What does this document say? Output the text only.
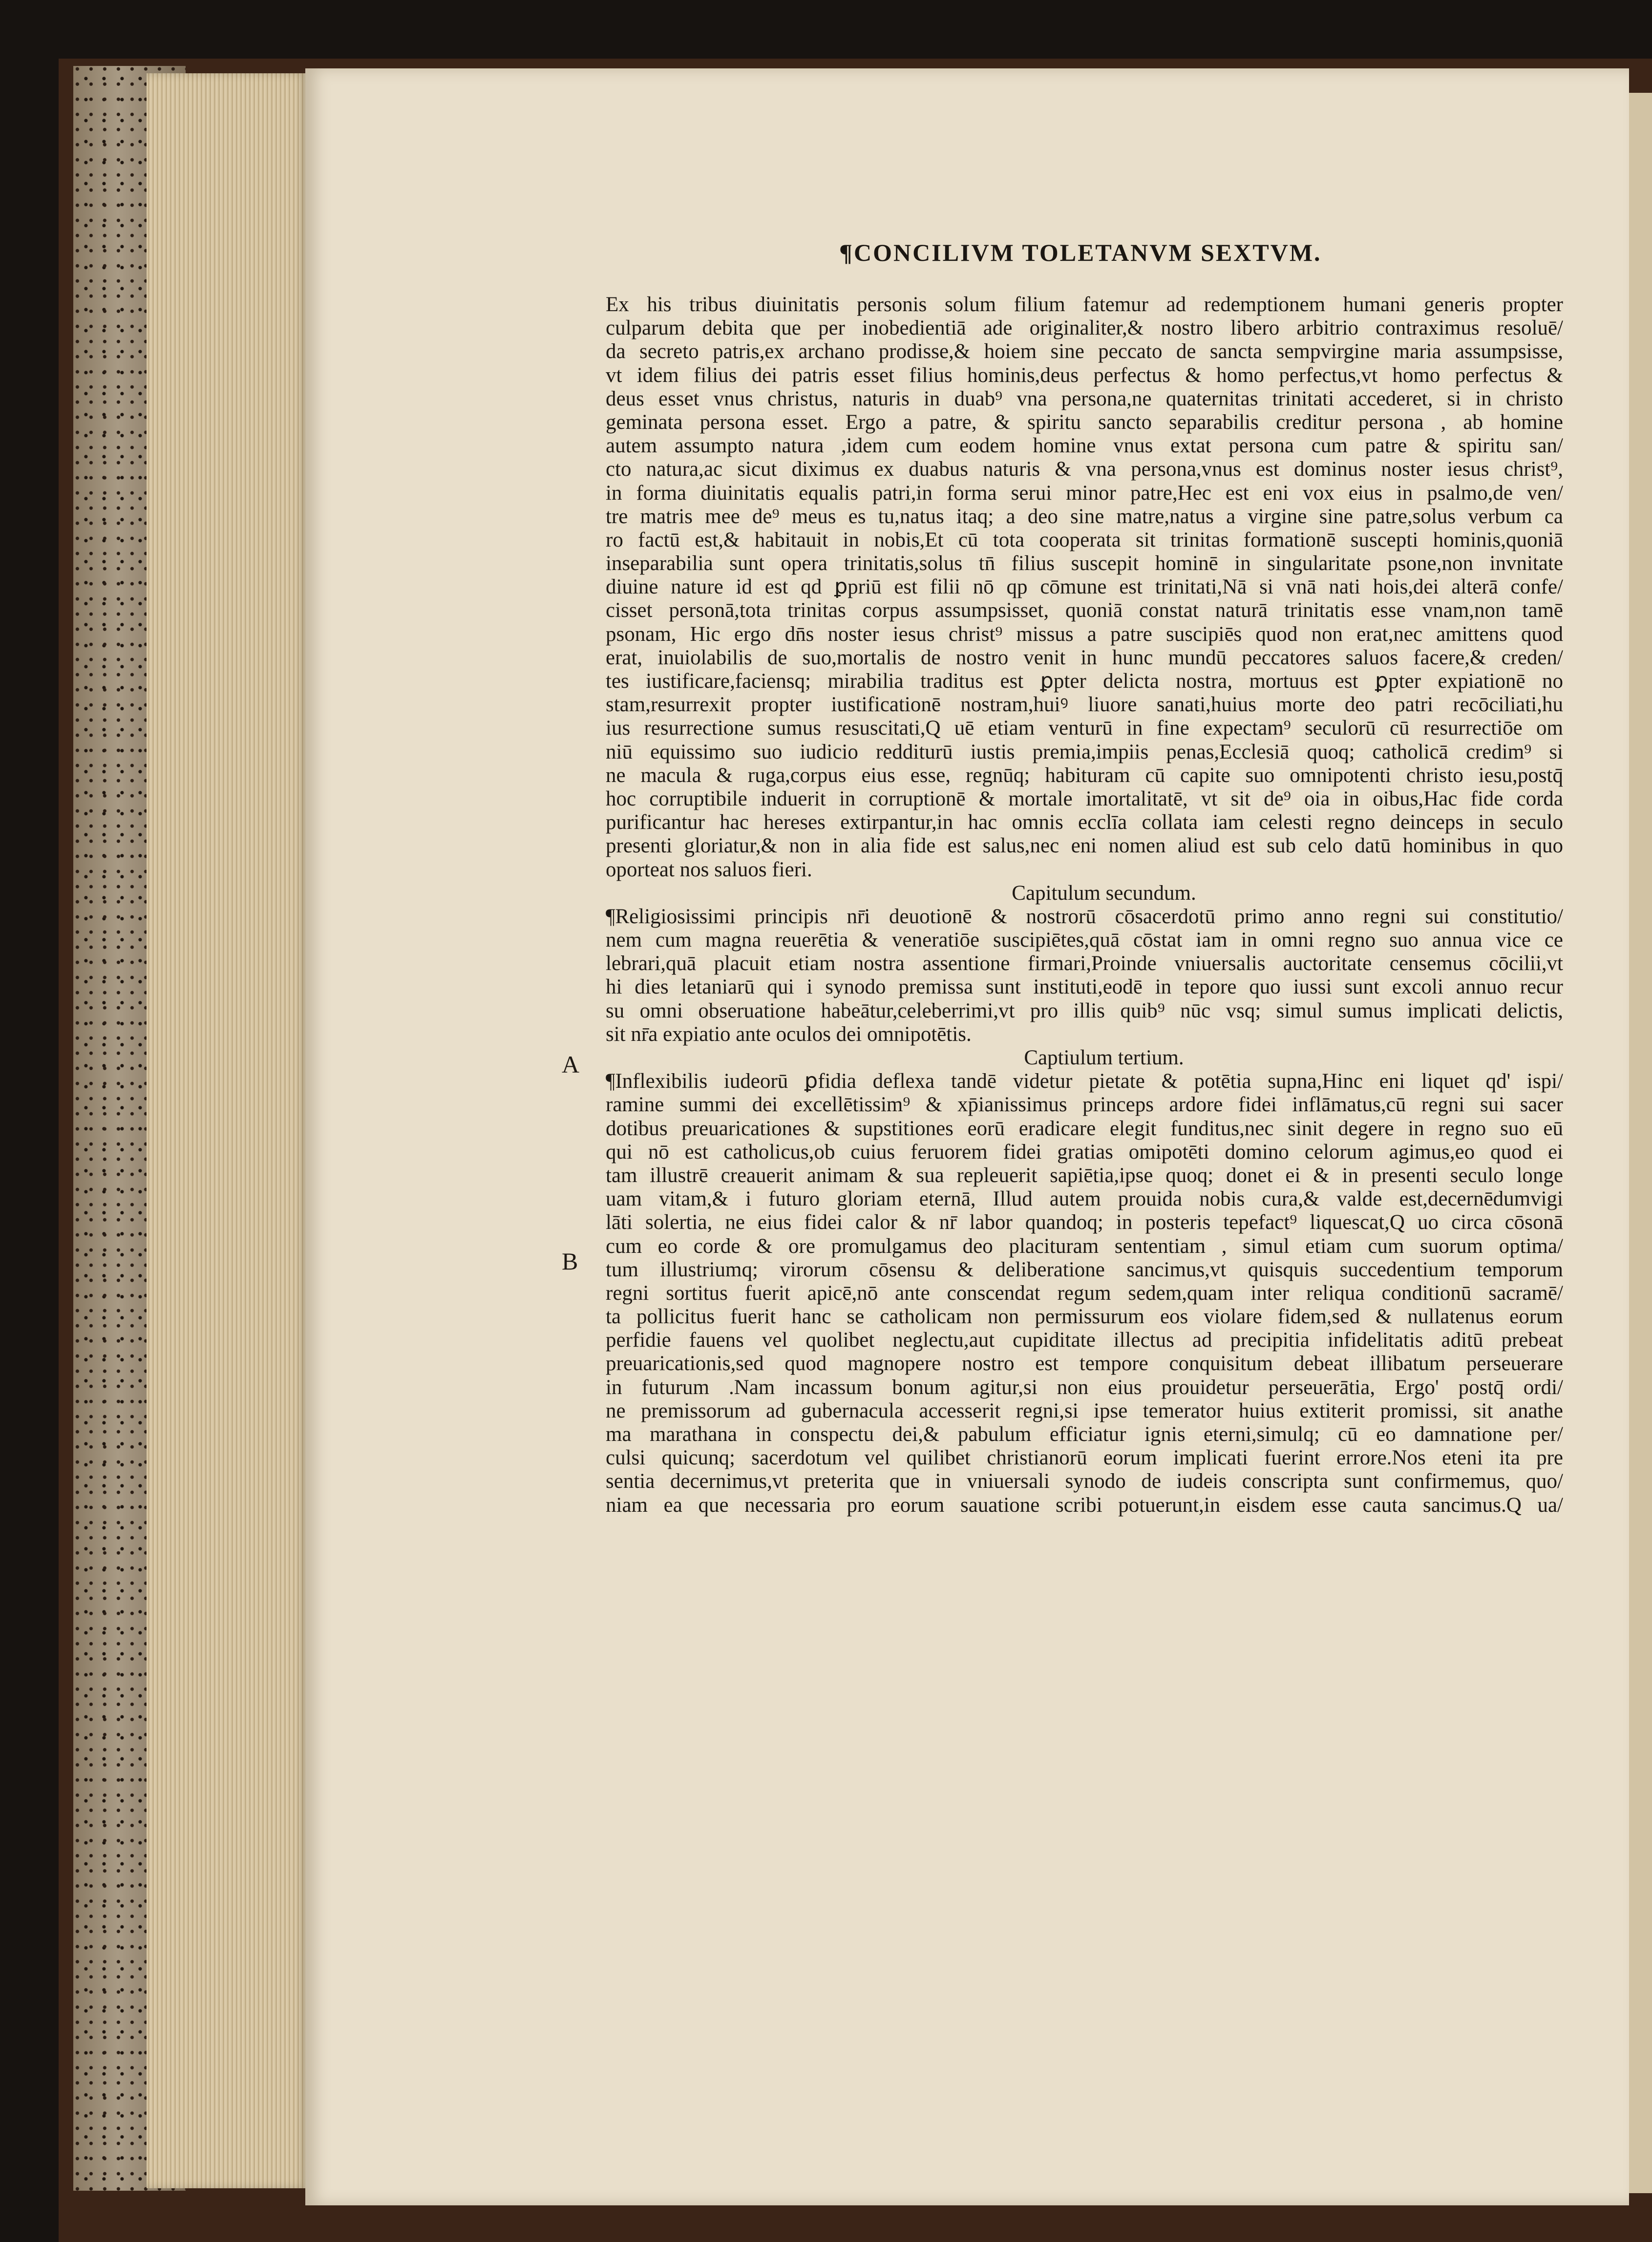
¶CONCILIVM TOLETANVM SEXTVM.
A
B
Ex his tribus diuinitatis personis solum filium fatemur ad redemptionem humani generis propter
culparum debita que per inobedientiā ade originaliter,& nostro libero arbitrio contraximus resoluē/
da secreto patris,ex archano prodisse,& hoiem sine peccato de sancta sempvirgine maria assumpsisse,
vt idem filius dei patris esset filius hominis,deus perfectus & homo perfectus,vt homo perfectus &
deus esset vnus christus, naturis in duab⁹ vna persona,ne quaternitas trinitati accederet, si in christo
geminata persona esset. Ergo a patre, & spiritu sancto separabilis creditur persona , ab homine
autem assumpto natura ,idem cum eodem homine vnus extat persona cum patre & spiritu san/
cto natura,ac sicut diximus ex duabus naturis & vna persona,vnus est dominus noster iesus christ⁹,
in forma diuinitatis equalis patri,in forma serui minor patre,Hec est eni vox eius in psalmo,de ven/
tre matris mee de⁹ meus es tu,natus itaq; a deo sine matre,natus a virgine sine patre,solus verbum ca
ro factū est,& habitauit in nobis,Et cū tota cooperata sit trinitas formationē suscepti hominis,quoniā
inseparabilia sunt opera trinitatis,solus tn̄ filius suscepit hominē in singularitate psone,non invnitate
diuine nature id est qd ꝑpriū est filii nō qp cōmune est trinitati,Nā si vnā nati hois,dei alterā confe/
cisset personā,tota trinitas corpus assumpsisset, quoniā constat naturā trinitatis esse vnam,non tamē
psonam, Hic ergo dn̄s noster iesus christ⁹ missus a patre suscipiēs quod non erat,nec amittens quod
erat, inuiolabilis de suo,mortalis de nostro venit in hunc mundū peccatores saluos facere,& creden/
tes iustificare,faciensq; mirabilia traditus est ꝑpter delicta nostra, mortuus est ꝑpter expiationē no
stam,resurrexit propter iustificationē nostram,huiꝰ liuore sanati,huius morte deo patri recōciliati,hu
ius resurrectione sumus resuscitati,Q uē etiam venturū in fine expectam⁹ seculorū cū resurrectiōe om
niū equissimo suo iudicio redditurū iustis premia,impiis penas,Ecclesiā quoq; catholicā credim⁹ si
ne macula & ruga,corpus eius esse, regnūq; habituram cū capite suo omnipotenti christo iesu,postq̄
hoc corruptibile induerit in corruptionē & mortale imortalitatē, vt sit de⁹ oia in oibus,Hac fide corda
purificantur hac hereses extirpantur,in hac omnis ecclīa collata iam celesti regno deinceps in seculo
presenti gloriatur,& non in alia fide est salus,nec eni nomen aliud est sub celo datū hominibus in quo
oporteat nos saluos fieri.
Capitulum secundum.
¶Religiosissimi principis nr̄i deuotionē & nostrorū cōsacerdotū primo anno regni sui constitutio/
nem cum magna reuerētia & veneratiōe suscipiētes,quā cōstat iam in omni regno suo annua vice ce
lebrari,quā placuit etiam nostra assentione firmari,Proinde vniuersalis auctoritate censemus cōcilii,vt
hi dies letaniarū qui i synodo premissa sunt instituti,eodē in tepore quo iussi sunt excoli annuo recur
su omni obseruatione habeātur,celeberrimi,vt pro illis quib⁹ nūc vsq; simul sumus implicati delictis,
sit nr̄a expiatio ante oculos dei omnipotētis.
Captiulum tertium.
¶Inflexibilis iudeorū ꝑfidia deflexa tandē videtur pietate & potētia supna,Hinc eni liquet qd' ispi/
ramine summi dei excellētissim⁹ & xp̄ianissimus princeps ardore fidei inflāmatus,cū regni sui sacer
dotibus preuaricationes & supstitiones eorū eradicare elegit funditus,nec sinit degere in regno suo eū
qui nō est catholicus,ob cuius feruorem fidei gratias omipotēti domino celorum agimus,eo quod ei
tam illustrē creauerit animam & sua repleuerit sapiētia,ipse quoq; donet ei & in presenti seculo longe
uam vitam,& i futuro gloriam eternā, Illud autem prouida nobis cura,& valde est,decernēdumvigi
lāti solertia, ne eius fidei calor & nr̄ labor quandoq; in posteris tepefact⁹ liquescat,Q uo circa cōsonā
cum eo corde & ore promulgamus deo placituram sententiam , simul etiam cum suorum optima/
tum illustriumq; virorum cōsensu & deliberatione sancimus,vt quisquis succedentium temporum
regni sortitus fuerit apicē,nō ante conscendat regum sedem,quam inter reliqua conditionū sacramē/
ta pollicitus fuerit hanc se catholicam non permissurum eos violare fidem,sed & nullatenus eorum
perfidie fauens vel quolibet neglectu,aut cupiditate illectus ad precipitia infidelitatis aditū prebeat
preuaricationis,sed quod magnopere nostro est tempore conquisitum debeat illibatum perseuerare
in futurum .Nam incassum bonum agitur,si non eius prouidetur perseuerātia, Ergo' postq̄ ordi/
ne premissorum ad gubernacula accesserit regni,si ipse temerator huius extiterit promissi, sit anathe
ma marathana in conspectu dei,& pabulum efficiatur ignis eterni,simulq; cū eo damnatione per/
culsi quicunq; sacerdotum vel quilibet christianorū eorum implicati fuerint errore.Nos eteni ita pre
sentia decernimus,vt preterita que in vniuersali synodo de iudeis conscripta sunt confirmemus, quo/
niam ea que necessaria pro eorum sauatione scribi potuerunt,in eisdem esse cauta sancimus.Q ua/
